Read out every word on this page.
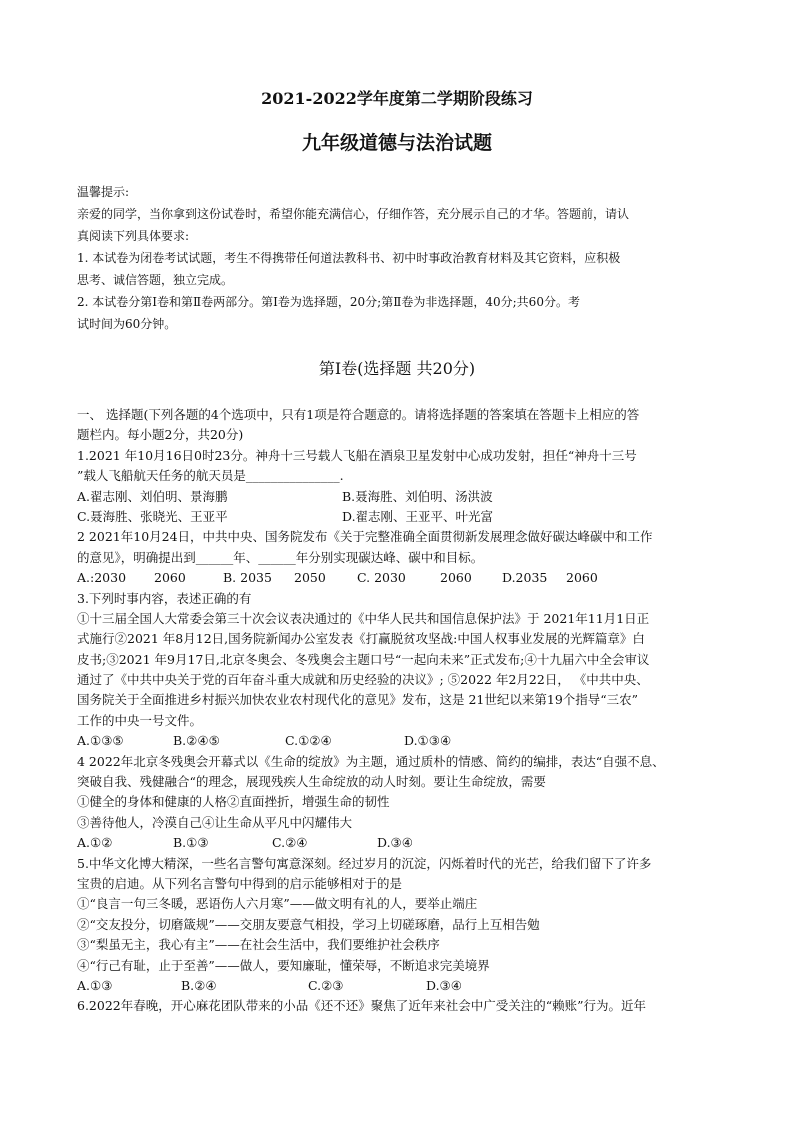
2021-2022学年度第二学期阶段练习
九年级道德与法治试题
温馨提示:
亲爱的同学，当你拿到这份试卷时，希望你能充满信心，仔细作答，充分展示自己的才华。答题前，请认
真阅读下列具体要求:
1. 本试卷为闭卷考试试题，考生不得携带任何道法教科书、初中时事政治教育材料及其它资料，应积极
思考、诚信答题，独立完成。
2. 本试卷分第Ⅰ卷和第Ⅱ卷两部分。第Ⅰ卷为选择题，20分;第Ⅱ卷为非选择题，40分;共60分。考
试时间为60分钟。
第Ⅰ卷(选择题 共20分)
一、 选择题(下列各题的4个选项中，只有1项是符合题意的。请将选择题的答案填在答题卡上相应的答
题栏内。每小题2分，共20分)
1.2021 年10月16日0时23分。神舟十三号载人飞船在酒泉卫星发射中心成功发射，担任“神舟十三号
”载人飞船航天任务的航天员是_______________.
A.翟志刚、刘伯明、景海鹏	B.聂海胜、刘伯明、汤洪波
C.聂海胜、张晓光、王亚平	D.翟志刚、王亚平、叶光富
2 2021年10月24日，中共中央、国务院发布《关于完整准确全面贯彻新发展理念做好碳达峰碳中和工作
的意见》，明确提出到______年、______年分别实现碳达峰、碳中和目标。
A.:2030 2060	B. 2035 2050 C. 2030	2060 D.2035 2060
3.下列时事内容，表述正确的有
①十三届全国人大常委会第三十次会议表决通过的《中华人民共和国信息保护法》于 2021年11月1日正
式施行②2021 年8月12日,国务院新闻办公室发表《打赢脱贫攻坚战:中国人权事业发展的光辉篇章》白
皮书;③2021 年9月17日,北京冬奥会、冬残奥会主题口号“一起向未来”正式发布;④十九届六中全会审议
通过了《中共中央关于党的百年奋斗重大成就和历史经验的决议》; ⑤2022 年2月22日， 《中共中央、
国务院关于全面推进乡村振兴加快农业农村现代化的意见》发布，这是 21世纪以来第19个指导“三农”
工作的中央一号文件。
A.①③⑤	B.②④⑤	C.①②④	D.①③④
4 2022年北京冬残奥会开幕式以《生命的绽放》为主题，通过质朴的情感、简约的编排，表达“自强不息、
突破自我、残健融合“的理念，展现残疾人生命绽放的动人时刻。要让生命绽放，需要
①健全的身体和健康的人格②直面挫折，增强生命的韧性
③善待他人，冷漠自己④让生命从平凡中闪耀伟大
A.①②	B.①③	C.②④	D.③④
5.中华文化博大精深，一些名言警句寓意深刻。经过岁月的沉淀，闪烁着时代的光芒，给我们留下了许多
宝贵的启迪。从下列名言警句中得到的启示能够相对于的是
①“良言一句三冬暖，恶语伤人六月寒”——做文明有礼的人，要举止端庄
②“交友投分，切磨箴规”——交朋友要意气相投，学习上切磋琢磨，品行上互相告勉
③“梨虽无主，我心有主”——在社会生活中，我们要维护社会秩序
④“行己有耻，止于至善”——做人，要知廉耻，懂荣辱，不断追求完美境界
A.①③	B.②④	C.②③	D.③④
6.2022年春晚，开心麻花团队带来的小品《还不还》聚焦了近年来社会中广受关注的“赖账”行为。近年
